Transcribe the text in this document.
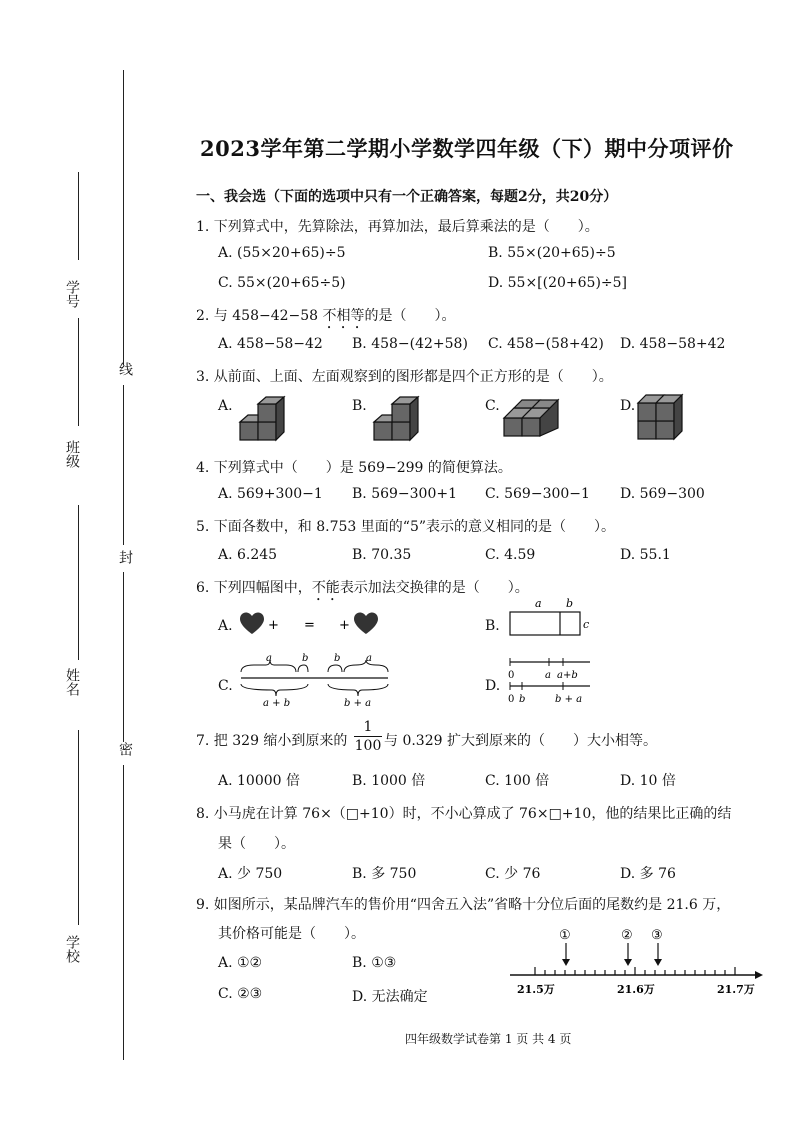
线
封
密
学号
班级
姓名
学校
2023学年第二学期小学数学四年级（下）期中分项评价
一、我会选（下面的选项中只有一个正确答案，每题2分，共20分）
1. 下列算式中，先算除法，再算加法，最后算乘法的是（　　）。
A. (55×20+65)÷5	B. 55×(20+65)÷5
C. 55×(20+65÷5)	D. 55×[(20+65)÷5]
2. 与 458−42−58 不相等的是（　　）。
A. 458−58−42 B. 458−(42+58) C. 458−(58+42) D. 458−58+42
3. 从前面、上面、左面观察到的图形都是四个正方形的是（　　）。
A.	B.	C.	D.
4. 下列算式中（　　）是 569−299 的简便算法。
A. 569+300−1 B. 569−300+1 C. 569−300−1 D. 569−300
5. 下面各数中，和 8.753 里面的“5”表示的意义相同的是（　　）。
A. 6.245	B. 70.35	C. 4.59	D. 55.1
6. 下列四幅图中，不能表示加法交换律的是（　　）。
A.	+ = +	B.
a b
c
C.
a	b
a + b
b	a
b + a
D.
0	a a+b
0 b	b + a
7. 把 329 缩小到原来的 $\frac{1}{100}$ 与 0.329 扩大到原来的（　　）大小相等。
A. 10000 倍	B. 1000 倍	C. 100 倍	D. 10 倍
8. 小马虎在计算 76×（□+10）时，不小心算成了 76×□+10，他的结果比正确的结
果（　　）。
A. 少 750	B. 多 750	C. 少 76	D. 多 76
9. 如图所示，某品牌汽车的售价用“四舍五入法”省略十分位后面的尾数约是 21.6 万，
其价格可能是（　　）。
A. ①②	B. ①③
C. ②③	D. 无法确定
①	② ③
21.5万	21.6万	21.7万
四年级数学试卷第 1 页 共 4 页
